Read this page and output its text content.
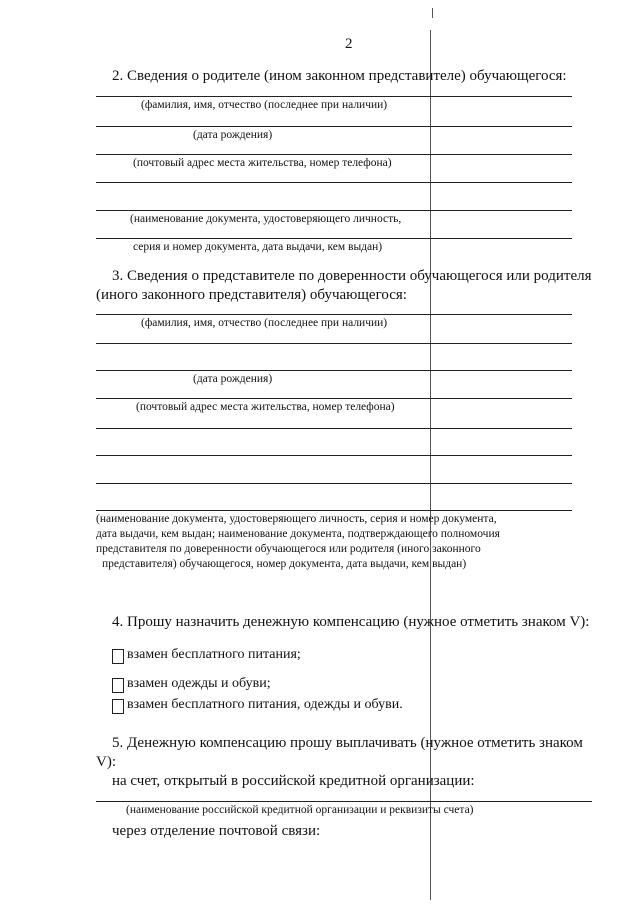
2
2. Сведения о родителе (ином законном представителе) обучающегося:
(фамилия, имя, отчество (последнее при наличии)
(дата рождения)
(почтовый адрес места жительства, номер телефона)
(наименование документа, удостоверяющего личность,
серия и номер документа, дата выдачи, кем выдан)
3. Сведения о представителе по доверенности обучающегося или родителя
(иного законного представителя) обучающегося:
(фамилия, имя, отчество (последнее при наличии)
(дата рождения)
(почтовый адрес места жительства, номер телефона)
(наименование документа, удостоверяющего личность, серия и номер документа,
дата выдачи, кем выдан; наименование документа, подтверждающего полномочия
представителя по доверенности обучающегося или родителя (иного законного
представителя) обучающегося, номер документа, дата выдачи, кем выдан)
4. Прошу назначить денежную компенсацию (нужное отметить знаком V):
взамен бесплатного питания;
взамен одежды и обуви;
взамен бесплатного питания, одежды и обуви.
5. Денежную компенсацию прошу выплачивать (нужное отметить знаком
V):
на счет, открытый в российской кредитной организации:
(наименование российской кредитной организации и реквизиты счета)
через отделение почтовой связи:
